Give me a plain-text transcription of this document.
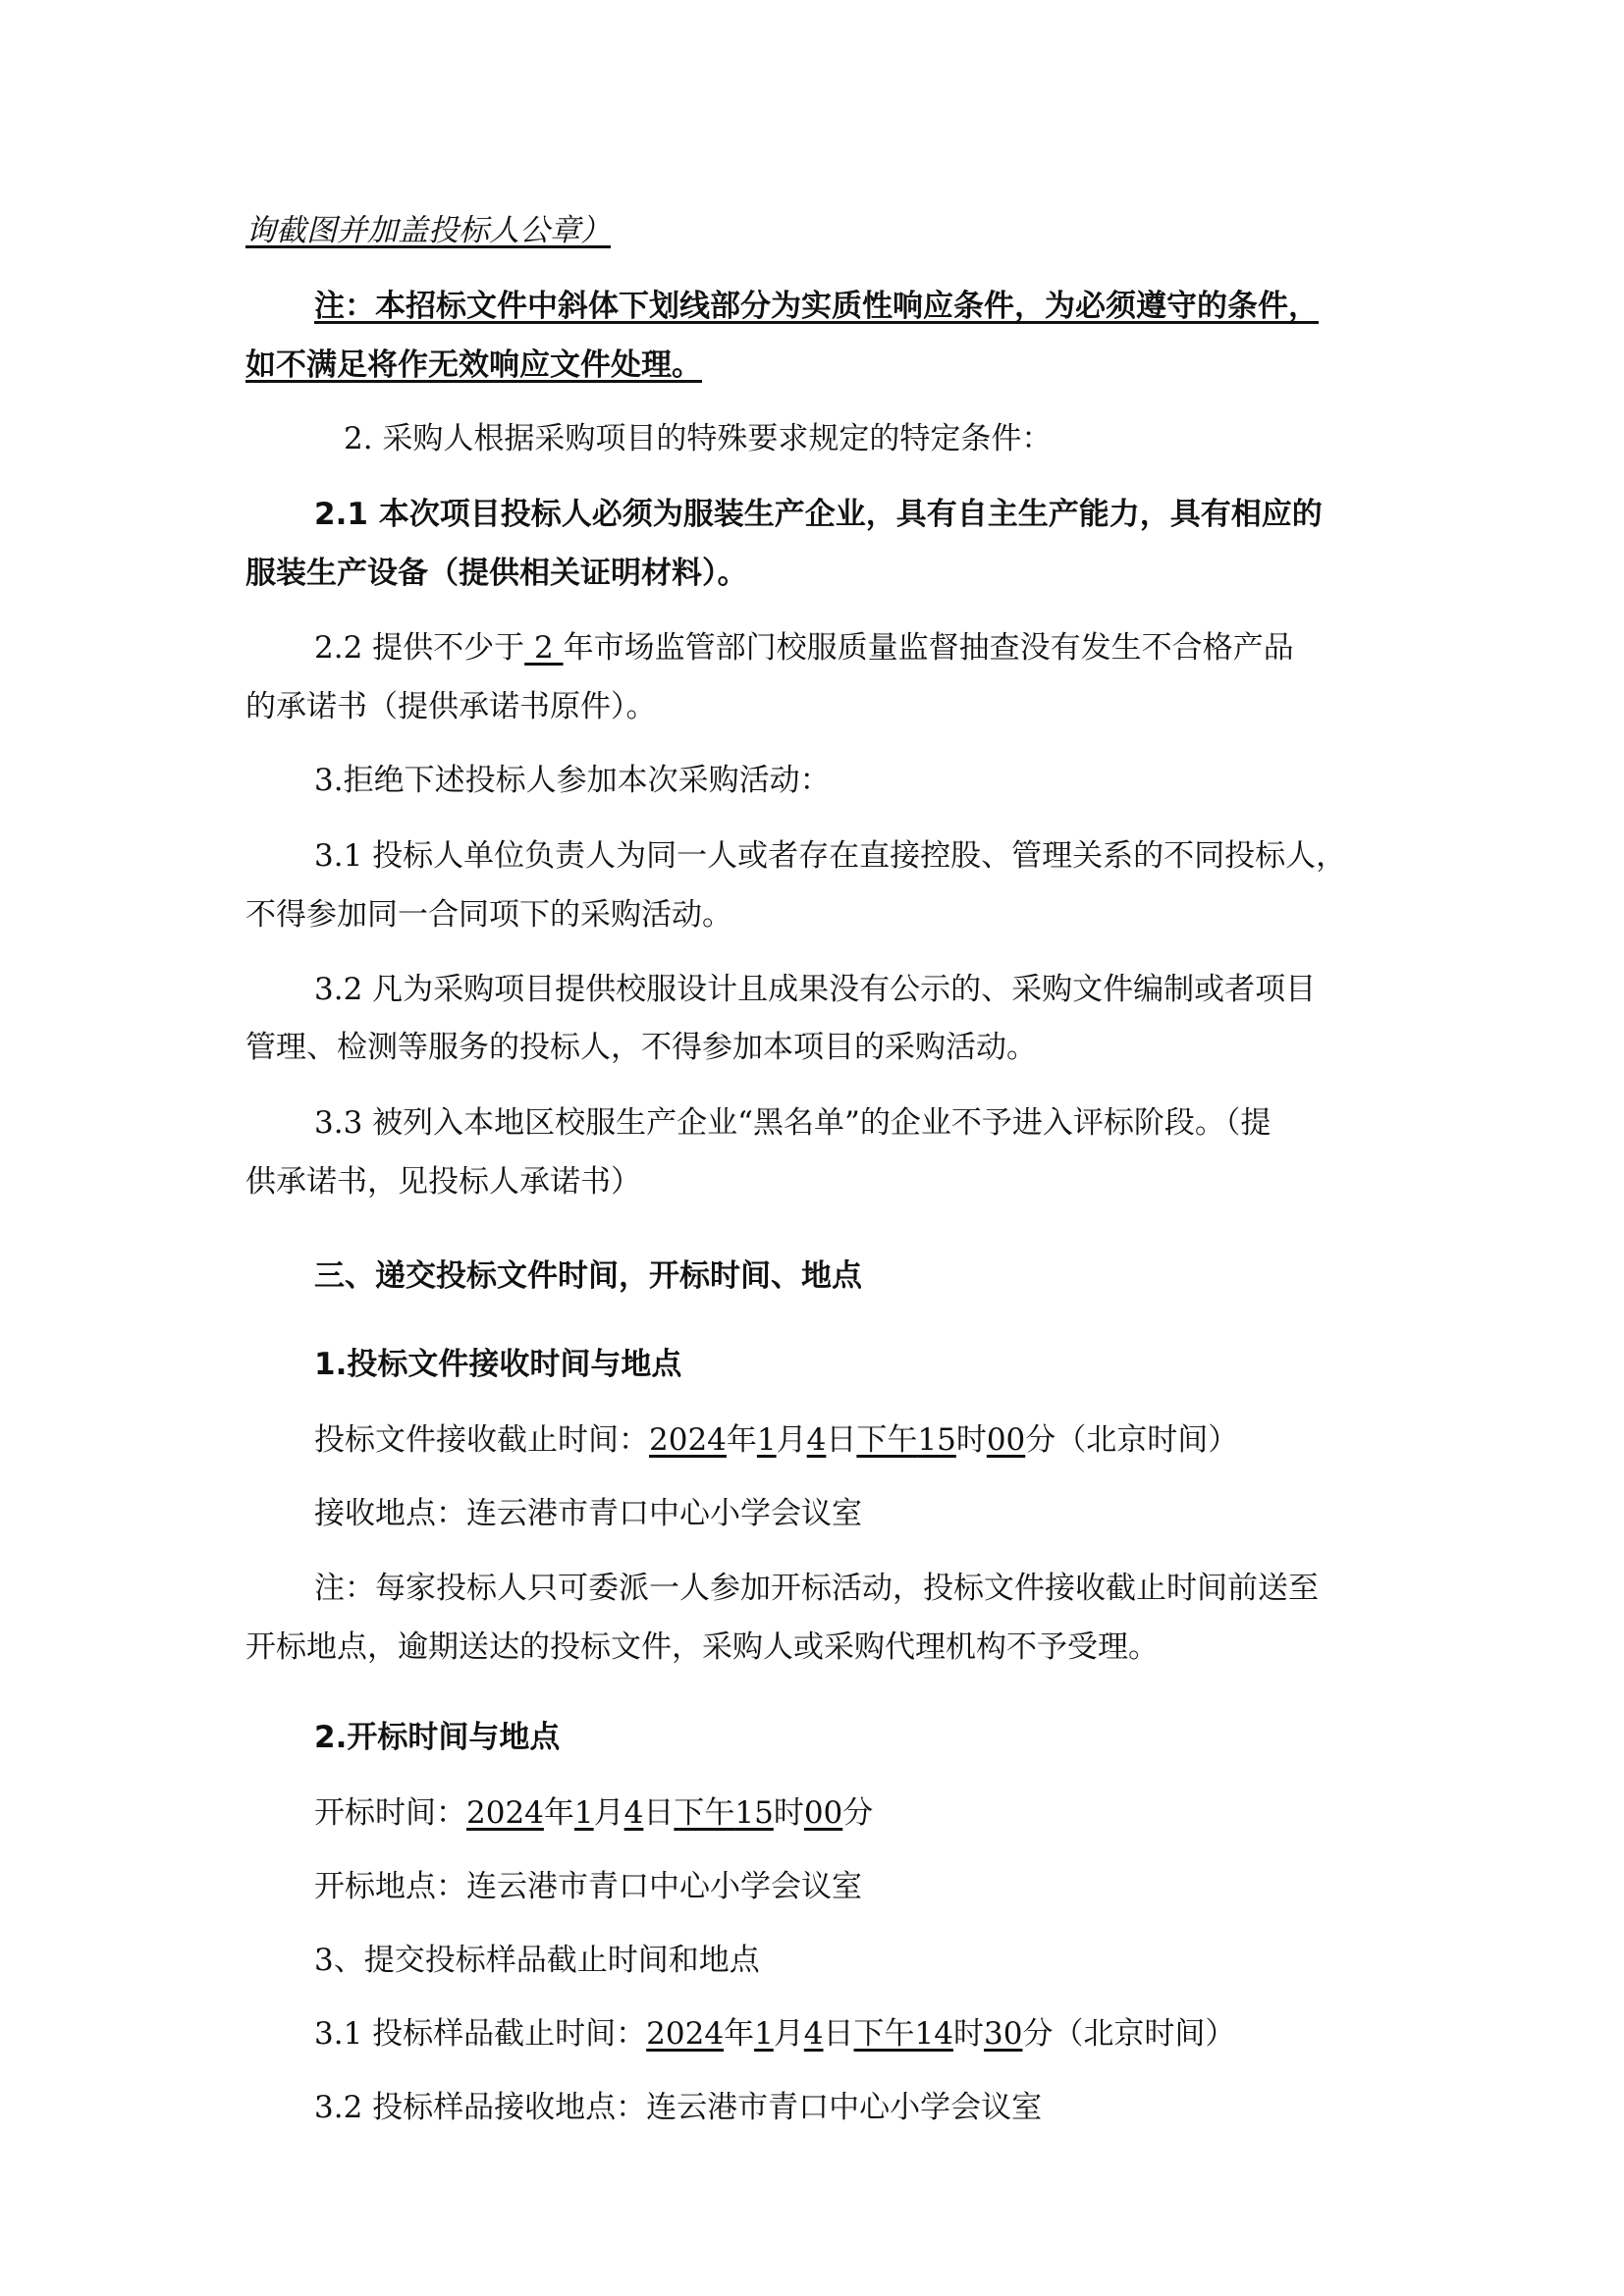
询截图并加盖投标人公章）
注：本招标文件中斜体下划线部分为实质性响应条件，为必须遵守的条件，
如不满足将作无效响应文件处理。
2. 采购人根据采购项目的特殊要求规定的特定条件：
2.1 本次项目投标人必须为服装生产企业，具有自主生产能力，具有相应的
服装生产设备（提供相关证明材料）。
2.2 提供不少于 2 年市场监管部门校服质量监督抽查没有发生不合格产品
的承诺书（提供承诺书原件）。
3.拒绝下述投标人参加本次采购活动：
3.1 投标人单位负责人为同一人或者存在直接控股、管理关系的不同投标人，
不得参加同一合同项下的采购活动。
3.2 凡为采购项目提供校服设计且成果没有公示的、采购文件编制或者项目
管理、检测等服务的投标人，不得参加本项目的采购活动。
3.3 被列入本地区校服生产企业“黑名单”的企业不予进入评标阶段。（提
供承诺书，见投标人承诺书）
三、递交投标文件时间，开标时间、地点
1.投标文件接收时间与地点
投标文件接收截止时间：2024年1月4日下午15时00分（北京时间）
接收地点：连云港市青口中心小学会议室
注：每家投标人只可委派一人参加开标活动，投标文件接收截止时间前送至
开标地点，逾期送达的投标文件，采购人或采购代理机构不予受理。
2.开标时间与地点
开标时间：2024年1月4日下午15时00分
开标地点：连云港市青口中心小学会议室
3、提交投标样品截止时间和地点
3.1 投标样品截止时间：2024年1月4日下午14时30分（北京时间）
3.2 投标样品接收地点：连云港市青口中心小学会议室
